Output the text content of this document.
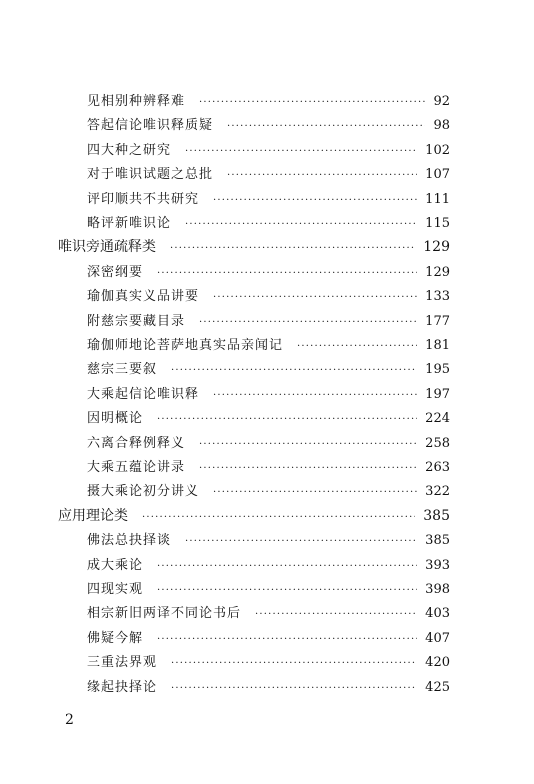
见相别种辨释难 ·····	92
答起信论唯识释质疑 ·····	98
四大种之研究 ·····	102
对于唯识试题之总批 ·····	107
评印顺共不共研究 ·····	111
略评新唯识论 ·····	115
唯识旁通疏释类 ·····	129
深密纲要 ·····	129
瑜伽真实义品讲要 ·····	133
附慈宗要藏目录 ·····	177
瑜伽师地论菩萨地真实品亲闻记 ·····	181
慈宗三要叙 ·····	195
大乘起信论唯识释 ·····	197
因明概论 ·····	224
六离合释例释义 ·····	258
大乘五蕴论讲录 ·····	263
摄大乘论初分讲义 ·····	322
应用理论类 ·····	385
佛法总抉择谈 ·····	385
成大乘论 ·····	393
四现实观 ·····	398
相宗新旧两译不同论书后 ·····	403
佛疑今解 ·····	407
三重法界观 ·····	420
缘起抉择论 ·····	425
2
